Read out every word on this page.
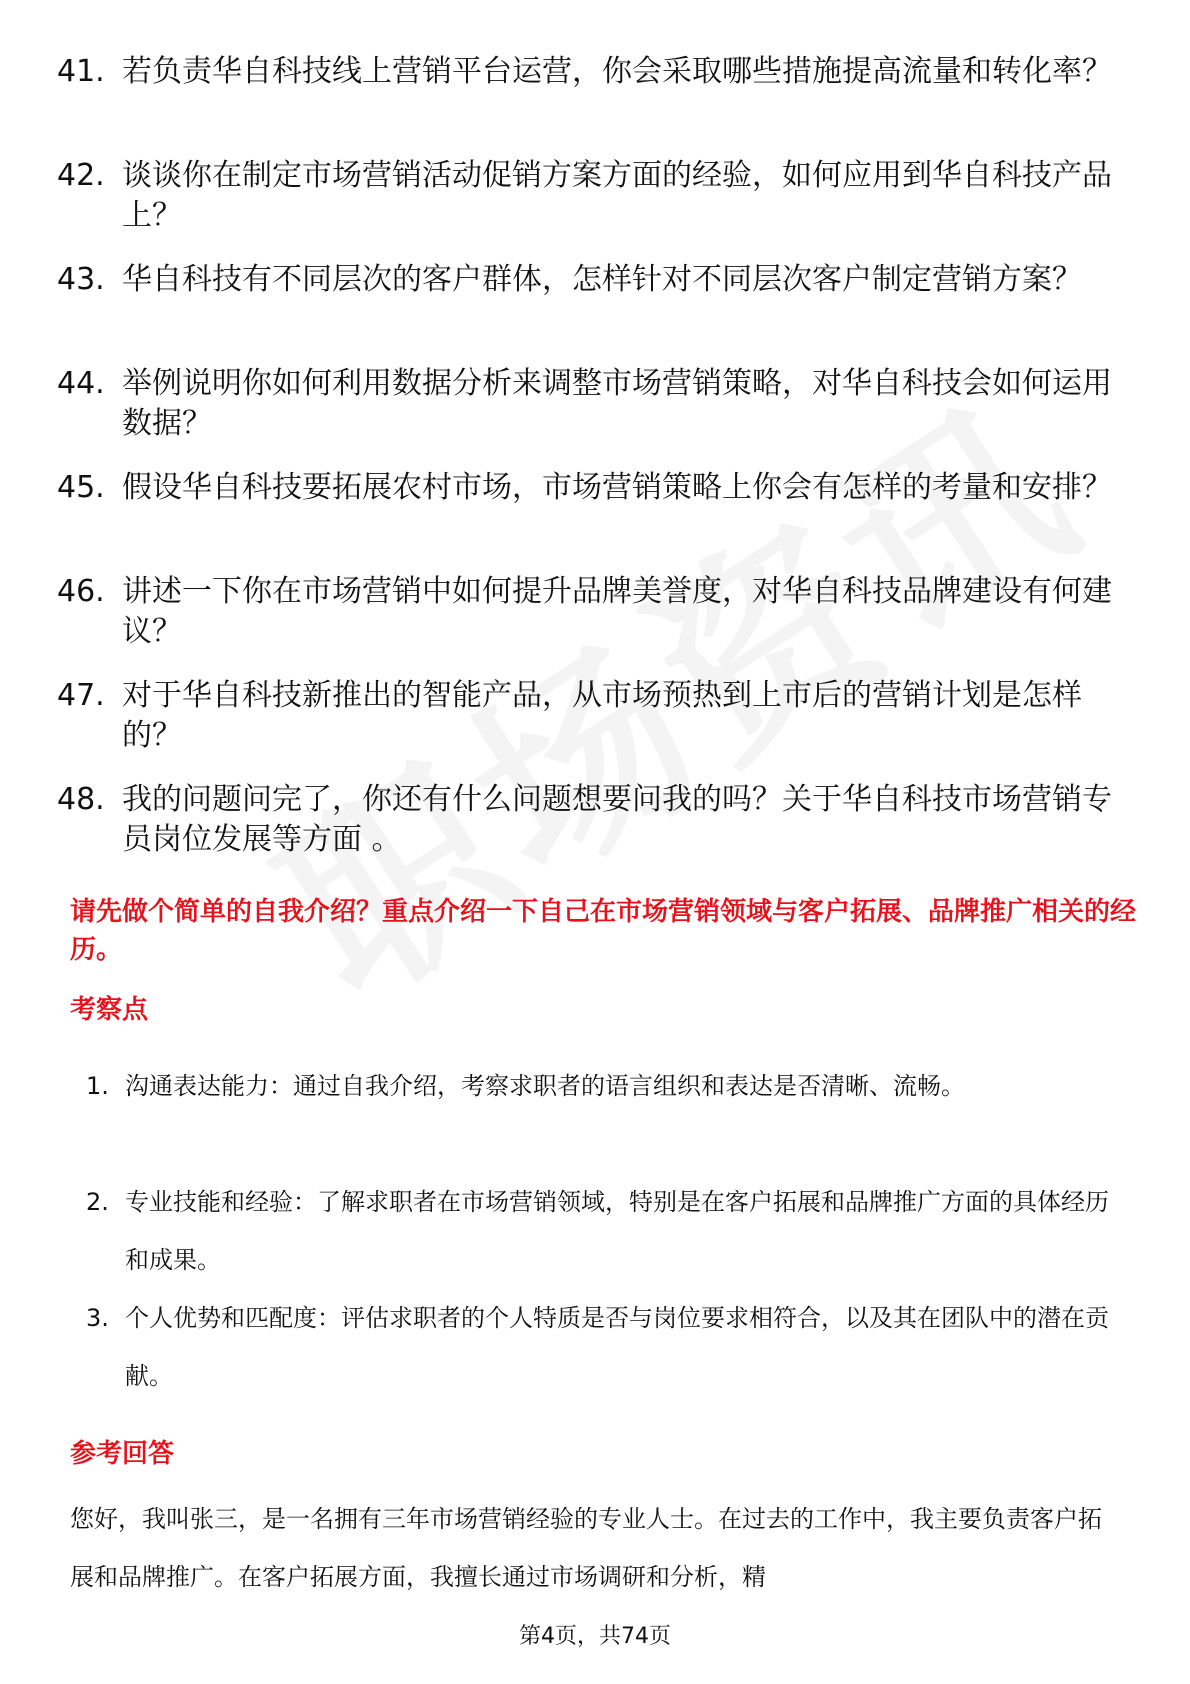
41. 若负责华自科技线上营销平台运营，你会采取哪些措施提高流量和转化率？
42. 谈谈你在制定市场营销活动促销方案方面的经验，如何应用到华自科技产品上？
43. 华自科技有不同层次的客户群体，怎样针对不同层次客户制定营销方案？
44. 举例说明你如何利用数据分析来调整市场营销策略，对华自科技会如何运用数据？
45. 假设华自科技要拓展农村市场，市场营销策略上你会有怎样的考量和安排？
46. 讲述一下你在市场营销中如何提升品牌美誉度，对华自科技品牌建设有何建议？
47. 对于华自科技新推出的智能产品，从市场预热到上市后的营销计划是怎样的？
48. 我的问题问完了，你还有什么问题想要问我的吗？关于华自科技市场营销专员岗位发展等方面 。
请先做个简单的自我介绍？重点介绍一下自己在市场营销领域与客户拓展、品牌推广相关的经历。
考察点
1. 沟通表达能力：通过自我介绍，考察求职者的语言组织和表达是否清晰、流畅。
2. 专业技能和经验：了解求职者在市场营销领域，特别是在客户拓展和品牌推广方面的具体经历和成果。
3. 个人优势和匹配度：评估求职者的个人特质是否与岗位要求相符合，以及其在团队中的潜在贡献。
参考回答
您好，我叫张三，是一名拥有三年市场营销经验的专业人士。在过去的工作中，我主要负责客户拓展和品牌推广。在客户拓展方面，我擅长通过市场调研和分析，精
第4页，共74页
